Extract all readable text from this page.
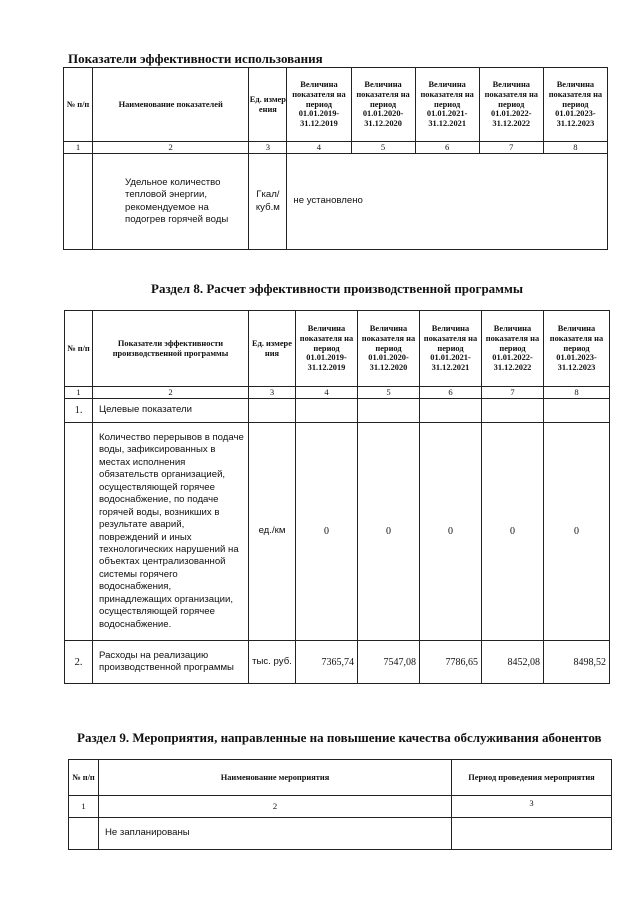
Показатели эффективности использования
№ п/п	Наименование показателей	Ед. измер ения	Величина показателя на период 01.01.2019-31.12.2019	Величина показателя на период 01.01.2020-31.12.2020	Величина показателя на период 01.01.2021-31.12.2021	Величина показателя на период 01.01.2022-31.12.2022	Величина показателя на период 01.01.2023-31.12.2023
1	2	3	4	5	6	7	8
	Удельное количество тепловой энергии, рекомендуемое на подогрев горячей воды	Гкал/ куб.м	не установлено				
Раздел 8. Расчет эффективности производственной программы
№ п/п	Показатели эффективности производственной программы	Ед. измере ния	Величина показателя на период 01.01.2019-31.12.2019	Величина показателя на период 01.01.2020-31.12.2020	Величина показателя на период 01.01.2021-31.12.2021	Величина показателя на период 01.01.2022-31.12.2022	Величина показателя на период 01.01.2023-31.12.2023
1	2	3	4	5	6	7	8
1.	Целевые показатели						
	Количество перерывов в подаче воды, зафиксированных в местах исполнения обязательств организацией, осуществляющей горячее водоснабжение, по подаче горячей воды, возникших в результате аварий, повреждений и иных технологических нарушений на объектах централизованной системы горячего водоснабжения, принадлежащих организации, осуществляющей горячее водоснабжение.	ед./км	0	0	0	0	0
2.	Расходы на реализацию производственной программы	тыс. руб.	7365,74	7547,08	7786,65	8452,08	8498,52
Раздел 9. Мероприятия, направленные на повышение качества обслуживания абонентов
№ п/п	Наименование мероприятия	Период проведения мероприятия
1	2	3
	Не запланированы	
